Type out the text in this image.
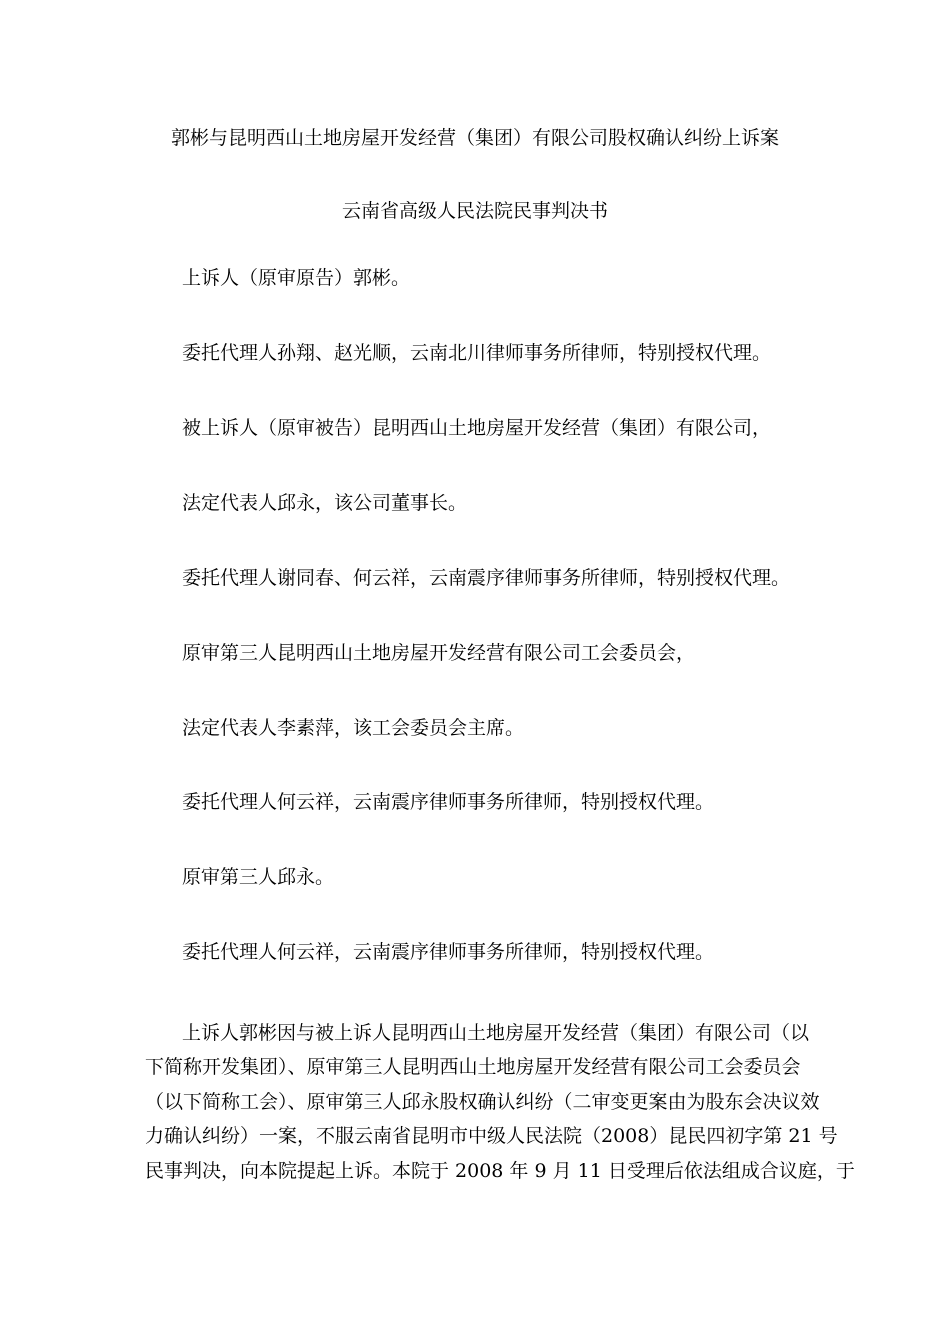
郭彬与昆明西山土地房屋开发经营（集团）有限公司股权确认纠纷上诉案
云南省高级人民法院民事判决书
上诉人（原审原告）郭彬。
委托代理人孙翔、赵光顺，云南北川律师事务所律师，特别授权代理。
被上诉人（原审被告）昆明西山土地房屋开发经营（集团）有限公司，
法定代表人邱永，该公司董事长。
委托代理人谢同春、何云祥，云南震序律师事务所律师，特别授权代理。
原审第三人昆明西山土地房屋开发经营有限公司工会委员会，
法定代表人李素萍，该工会委员会主席。
委托代理人何云祥，云南震序律师事务所律师，特别授权代理。
原审第三人邱永。
委托代理人何云祥，云南震序律师事务所律师，特别授权代理。

上诉人郭彬因与被上诉人昆明西山土地房屋开发经营（集团）有限公司（以

下简称开发集团）、原审第三人昆明西山土地房屋开发经营有限公司工会委员会

（以下简称工会）、原审第三人邱永股权确认纠纷（二审变更案由为股东会决议效

力确认纠纷）一案，不服云南省昆明市中级人民法院（2008）昆民四初字第 21 号

民事判决，向本院提起上诉。本院于 2008 年 9 月 11 日受理后依法组成合议庭，于
